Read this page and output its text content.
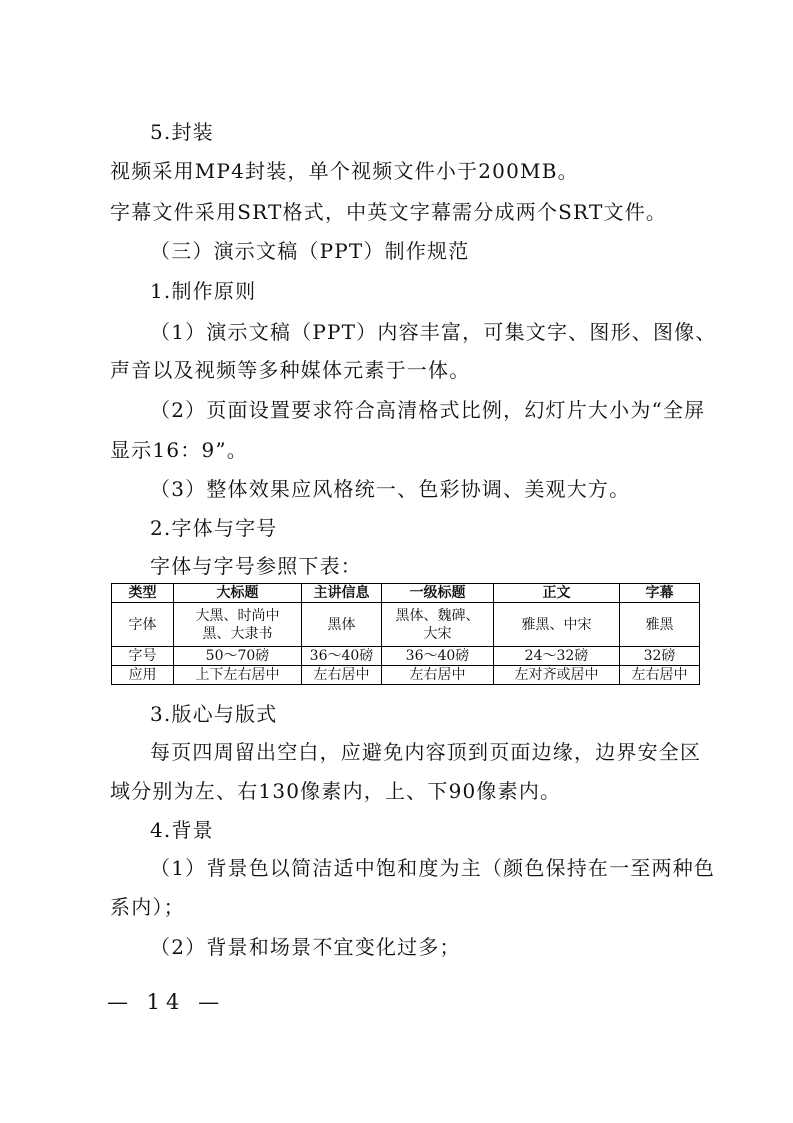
5.封装
视频采用MP4封装，单个视频文件小于200MB。
字幕文件采用SRT格式，中英文字幕需分成两个SRT文件。
（三）演示文稿（PPT）制作规范
1.制作原则
（1）演示文稿（PPT）内容丰富，可集文字、图形、图像、
声音以及视频等多种媒体元素于一体。
（2）页面设置要求符合高清格式比例，幻灯片大小为“全屏
显示16：9”。
（3）整体效果应风格统一、色彩协调、美观大方。
2.字体与字号
字体与字号参照下表：
类型	大标题	主讲信息	一级标题	正文	字幕
字体	大黑、时尚中黑、大隶书	黑体	黑体、魏碑、大宋	雅黑、中宋	雅黑
字号	50～70磅	36～40磅	36～40磅	24～32磅	32磅
应用	上下左右居中	左右居中	左右居中	左对齐或居中	左右居中
3.版心与版式
每页四周留出空白，应避免内容顶到页面边缘，边界安全区
域分别为左、右130像素内，上、下90像素内。
4.背景
（1）背景色以简洁适中饱和度为主（颜色保持在一至两种色
系内）；
（2）背景和场景不宜变化过多；
— 14 —
